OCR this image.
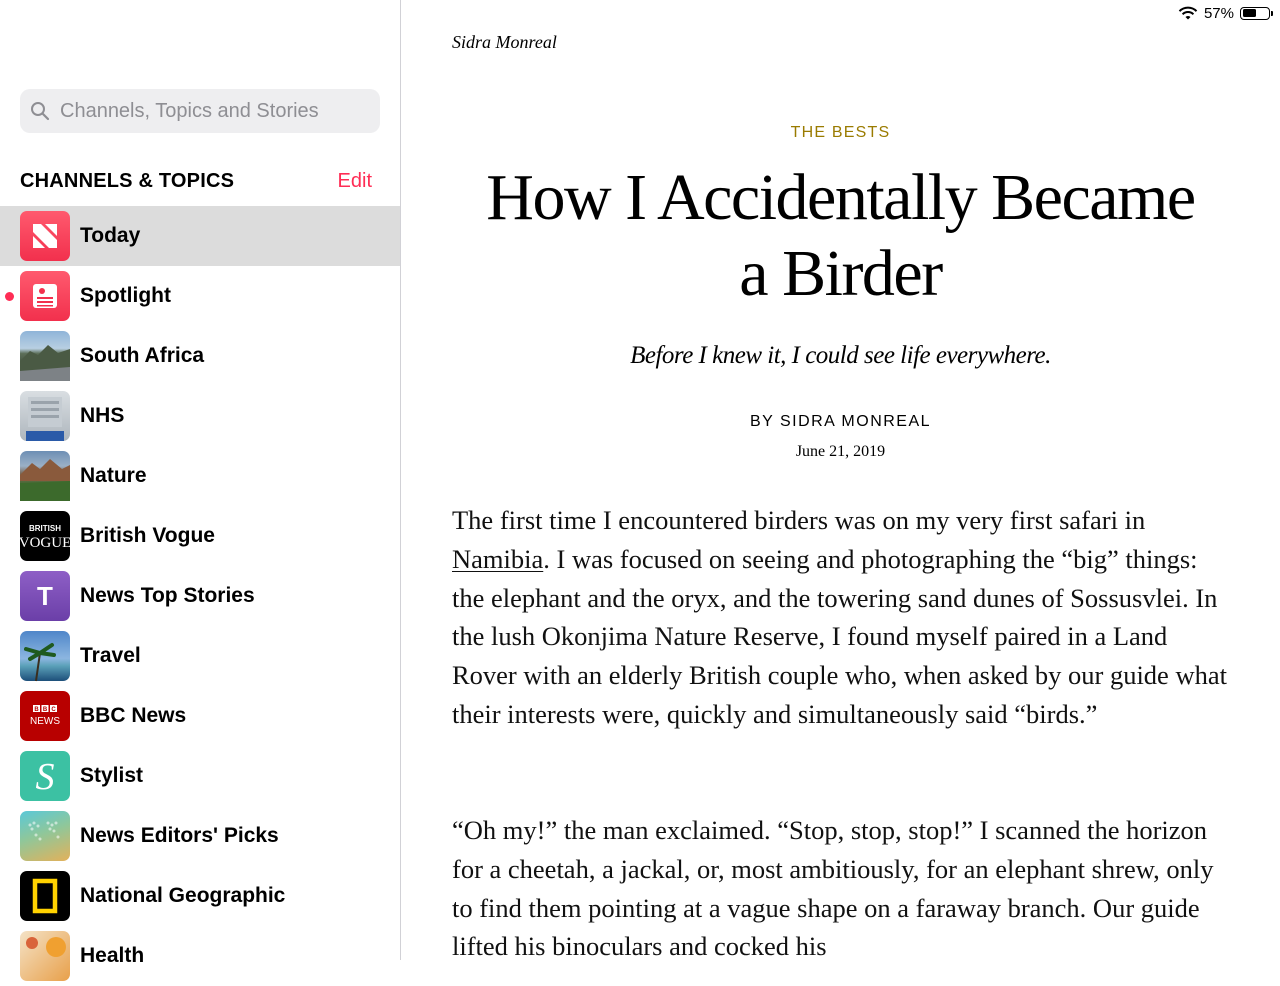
57%
Channels, Topics and Stories
CHANNELS & TOPICS	Edit
Today
Spotlight
South Africa
NHS
Nature
BRITISH
VOGUE British Vogue
T News Top Stories
Travel
B B C
NEWS BBC News
S Stylist
News Editors' Picks
National Geographic
Health
Sidra Monreal
THE BESTS
How I Accidentally Became
a Birder
Before I knew it, I could see life everywhere.
BY SIDRA MONREAL
June 21, 2019
The first time I encountered birders was on my very first safari in Namibia. I was focused on seeing and photographing the “big” things: the elephant and the oryx, and the towering sand dunes of Sossusvlei. In the lush Okonjima Nature Reserve, I found myself paired in a Land Rover with an elderly British couple who, when asked by our guide what their interests were, quickly and simultaneously said “birds.”
“Oh my!” the man exclaimed. “Stop, stop, stop!” I scanned the horizon for a cheetah, a jackal, or, most ambitiously, for an elephant shrew, only to find them pointing at a vague shape on a faraway branch. Our guide lifted his binoculars and cocked his
